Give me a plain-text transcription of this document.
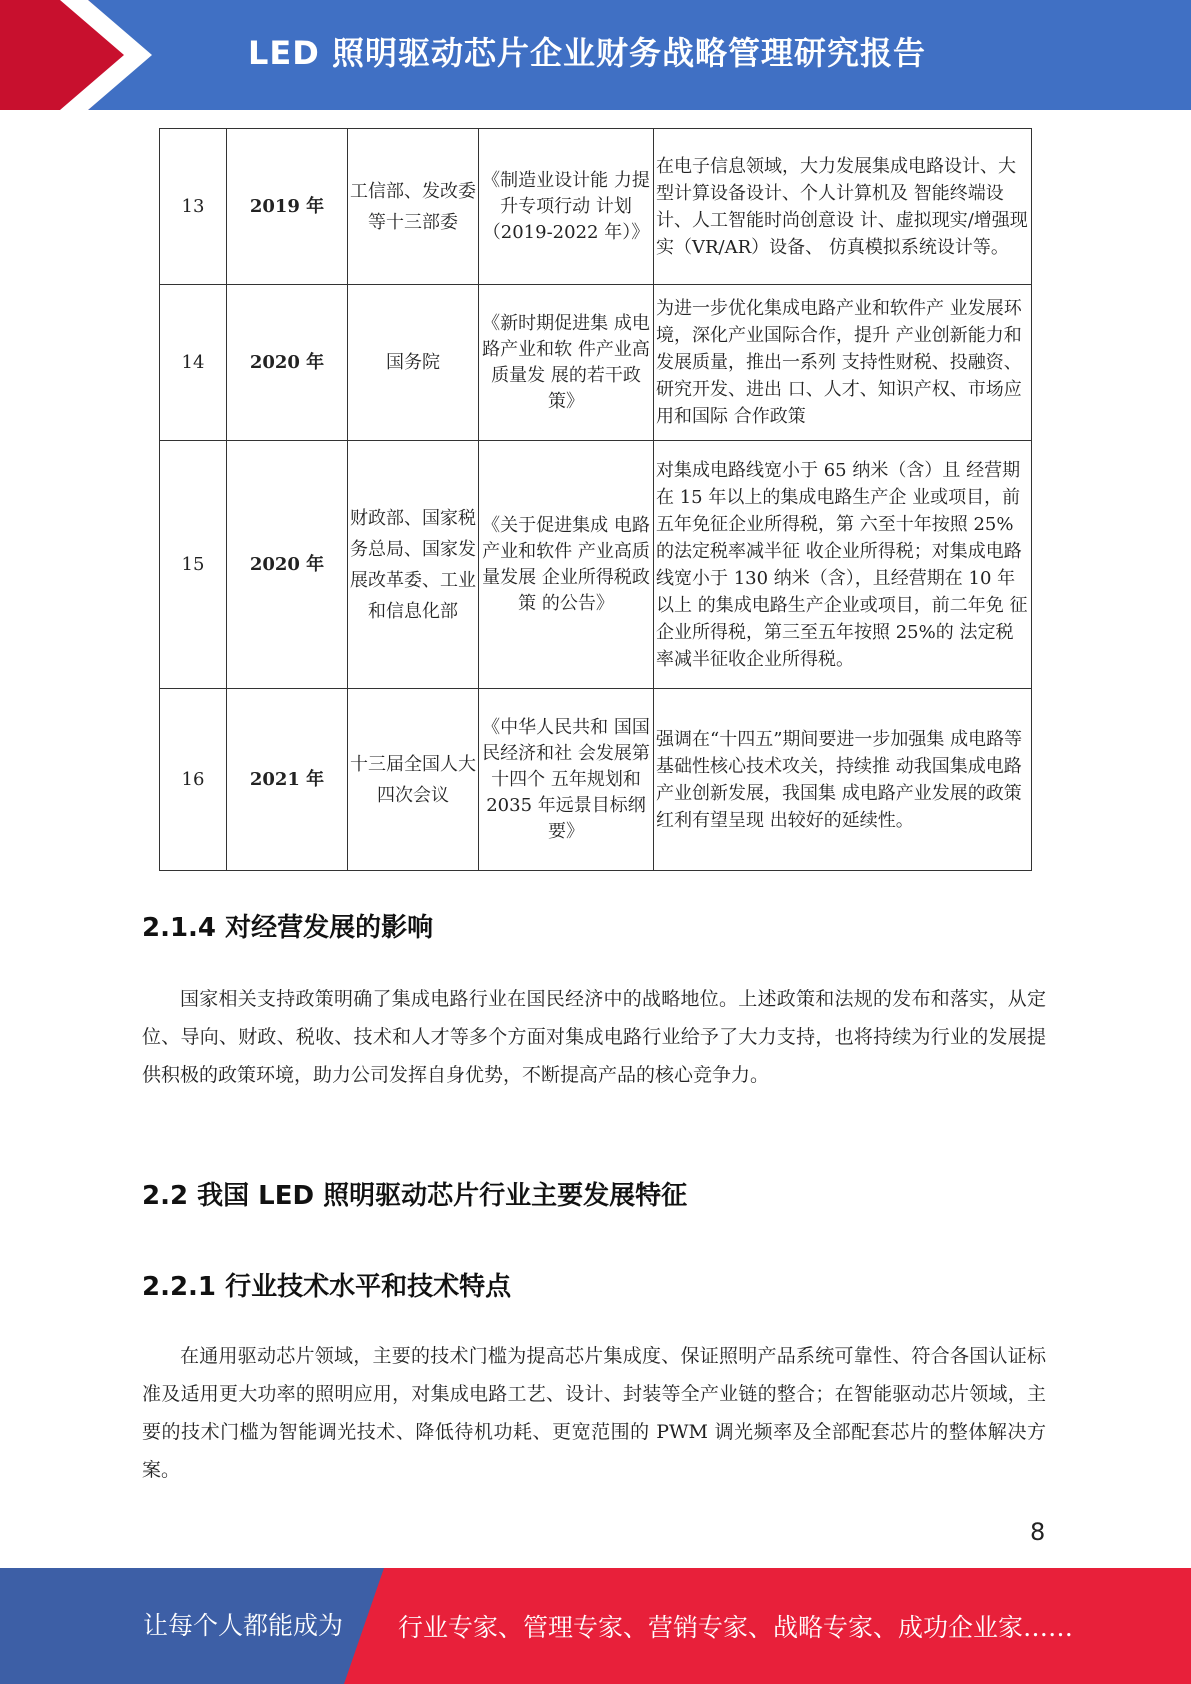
LED 照明驱动芯片企业财务战略管理研究报告
13	2019 年	工信部、发改委等十三部委	《制造业设计能 力提升专项行动 计划（2019-2022 年）》	在电子信息领域，大力发展集成电路设计、大型计算设备设计、个人计算机及 智能终端设计、人工智能时尚创意设 计、虚拟现实/增强现实（VR/AR）设备、 仿真模拟系统设计等。
14	2020 年	国务院	《新时期促进集 成电路产业和软 件产业高质量发 展的若干政策》	为进一步优化集成电路产业和软件产 业发展环境，深化产业国际合作，提升 产业创新能力和发展质量，推出一系列 支持性财税、投融资、研究开发、进出 口、人才、知识产权、市场应用和国际 合作政策
15	2020 年	财政部、国家税务总局、国家发展改革委、工业和信息化部	《关于促进集成 电路产业和软件 产业高质量发展 企业所得税政策 的公告》	对集成电路线宽小于 65 纳米（含）且 经营期在 15 年以上的集成电路生产企 业或项目，前五年免征企业所得税，第 六至十年按照 25%的法定税率减半征 收企业所得税；对集成电路线宽小于 130 纳米（含），且经营期在 10 年以上 的集成电路生产企业或项目，前二年免 征企业所得税，第三至五年按照 25%的 法定税率减半征收企业所得税。
16	2021 年	十三届全国人大四次会议	《中华人民共和 国国民经济和社 会发展第十四个 五年规划和 2035 年远景目标纲 要》	强调在“十四五”期间要进一步加强集 成电路等基础性核心技术攻关，持续推 动我国集成电路产业创新发展，我国集 成电路产业发展的政策红利有望呈现 出较好的延续性。
2.1.4 对经营发展的影响
国家相关支持政策明确了集成电路行业在国民经济中的战略地位。上述政策和法规的发布和落实，从定位、导向、财政、税收、技术和人才等多个方面对集成电路行业给予了大力支持，也将持续为行业的发展提供积极的政策环境，助力公司发挥自身优势，不断提高产品的核心竞争力。
2.2 我国 LED 照明驱动芯片行业主要发展特征
2.2.1 行业技术水平和技术特点
在通用驱动芯片领域，主要的技术门槛为提高芯片集成度、保证照明产品系统可靠性、符合各国认证标准及适用更大功率的照明应用，对集成电路工艺、设计、封装等全产业链的整合；在智能驱动芯片领域，主要的技术门槛为智能调光技术、降低待机功耗、更宽范围的 PWM 调光频率及全部配套芯片的整体解决方案。
8
让每个人都能成为 行业专家、管理专家、营销专家、战略专家、成功企业家……
